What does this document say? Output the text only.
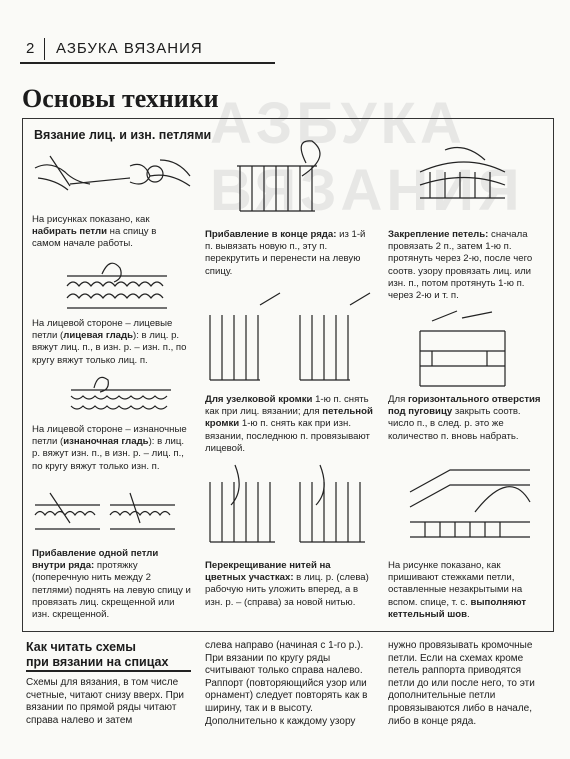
АЗБУКА ВЯЗАНИЯ
2 АЗБУКА ВЯЗАНИЯ
Основы техники
Вязание лиц. и изн. петлями
На рисунках показано, как набирать петли на спицу в самом начале работы.
На лицевой стороне – лицевые петли (лицевая гладь): в лиц. р. вяжут лиц. п., в изн. р. – изн. п., по кругу вяжут только лиц. п.
На лицевой стороне – изнаночные петли (изнаночная гладь): в лиц. р. вяжут изн. п., в изн. р. – лиц. п., по кругу вяжут только изн. п.
Прибавление одной петли внутри ряда: протяжку (поперечную нить между 2 петлями) поднять на левую спицу и провязать лиц. скрещенной или изн. скрещенной.
Прибавление в конце ряда: из 1-й п. вывязать новую п., эту п. перекрутить и перенести на левую спицу.
Для узелковой кромки 1-ю п. снять как при лиц. вязании; для петельной кромки 1-ю п. снять как при изн. вязании, последнюю п. провязывают лицевой.
Перекрещивание нитей на цветных участках: в лиц. р. (слева) рабочую нить уложить вперед, а в изн. р. – (справа) за новой нитью.
Закрепление петель: сначала провязать 2 п., затем 1-ю п. протянуть через 2-ю, после чего соотв. узору провязать лиц. или изн. п., потом протянуть 1-ю п. через 2-ю и т. п.
Для горизонтального отверстия под пуговицу закрыть соотв. число п., в след. р. это же количество п. вновь набрать.
На рисунке показано, как пришивают стежками петли, оставленные незакрытыми на вспом. спице, т. с. выполняют кеттельный шов.
Как читать схемы
при вязании на спицах
Схемы для вязания, в том числе счетные, читают снизу вверх. При вязании по прямой ряды читают справа налево и затем
слева направо (начиная с 1-го р.). При вязании по кругу ряды считывают только справа налево. Раппорт (повторяющийся узор или орнамент) следует повторять как в ширину, так и в высоту. Дополнительно к каждому узору
нужно провязывать кромочные петли. Если на схемах кроме петель раппорта приводятся петли до или после него, то эти дополнительные петли провязываются либо в начале, либо в конце ряда.
